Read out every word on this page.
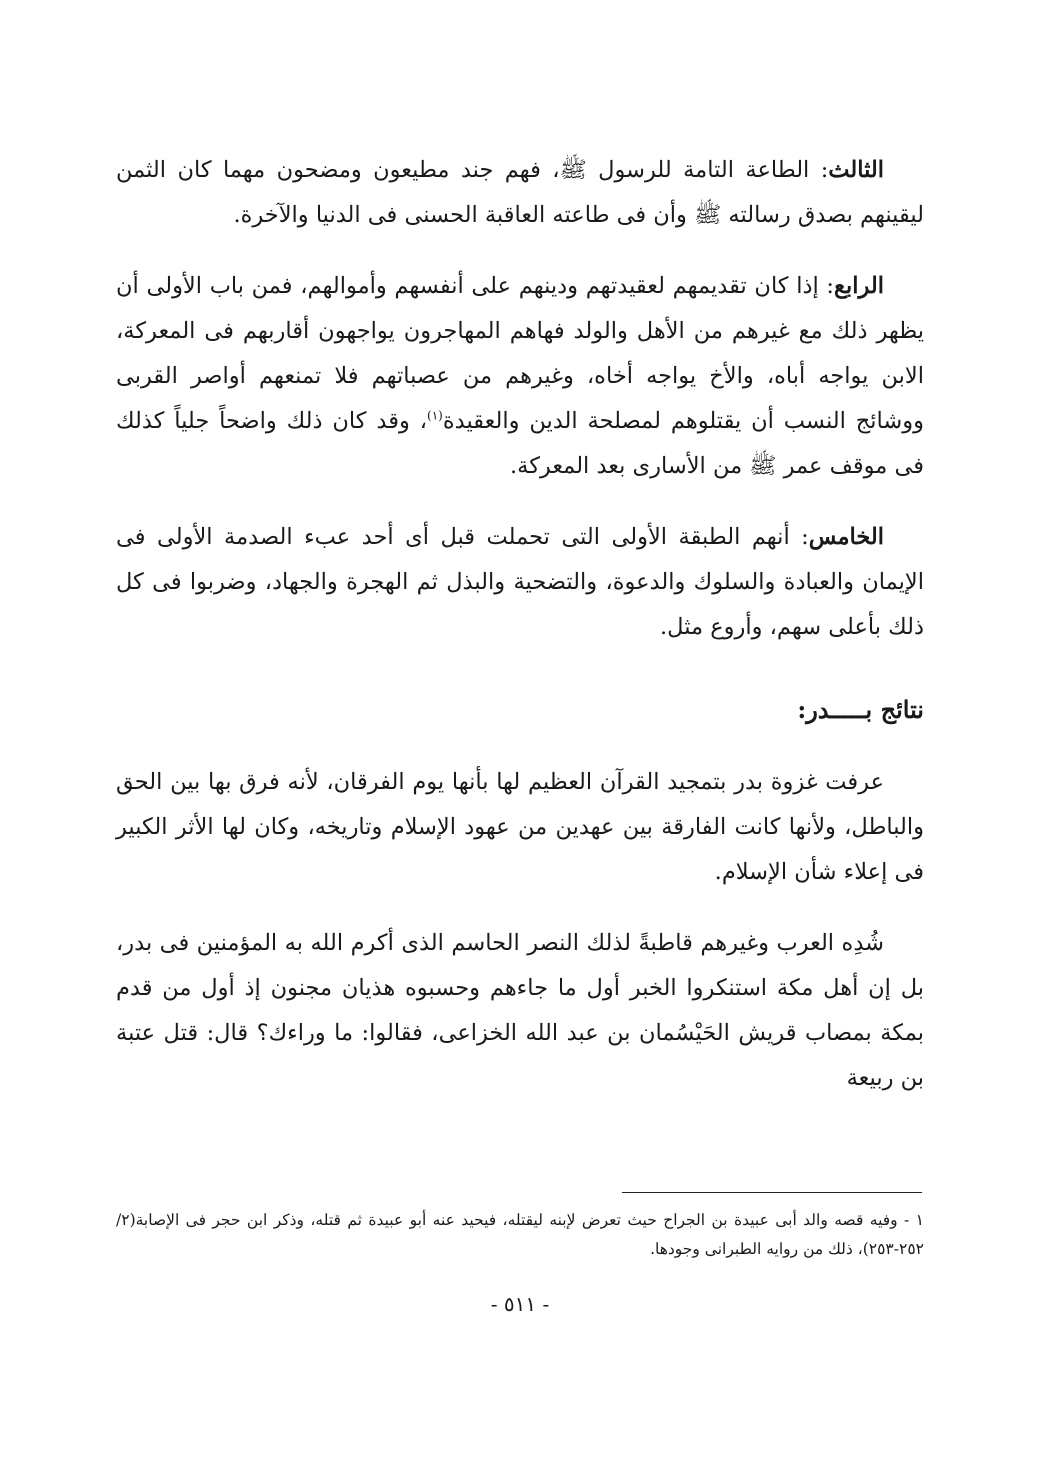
الثالث: الطاعة التامة للرسول ﷺ، فهم جند مطيعون ومضحون مهما كان الثمن ليقينهم بصدق رسالته ﷺ وأن فى طاعته العاقبة الحسنى فى الدنيا والآخرة.

الرابع: إذا كان تقديمهم لعقيدتهم ودينهم على أنفسهم وأموالهم، فمن باب الأولى أن يظهر ذلك مع غيرهم من الأهل والولد فهاهم المهاجرون يواجهون أقاربهم فى المعركة، الابن يواجه أباه، والأخ يواجه أخاه، وغيرهم من عصباتهم فلا تمنعهم أواصر القربى ووشائج النسب أن يقتلوهم لمصلحة الدين والعقيدة$^{(١)}$، وقد كان ذلك واضحاً جلياً كذلك فى موقف عمر ﷺ من الأسارى بعد المعركة.

الخامس: أنهم الطبقة الأولى التى تحملت قبل أى أحد عبء الصدمة الأولى فى الإيمان والعبادة والسلوك والدعوة، والتضحية والبذل ثم الهجرة والجهاد، وضربوا فى كل ذلك بأعلى سهم، وأروع مثل.

نتائج بـــــدر:

عرفت غزوة بدر بتمجيد القرآن العظيم لها بأنها يوم الفرقان، لأنه فرق بها بين الحق والباطل، ولأنها كانت الفارقة بين عهدين من عهود الإسلام وتاريخه، وكان لها الأثر الكبير فى إعلاء شأن الإسلام.

شُدِه العرب وغيرهم قاطبةً لذلك النصر الحاسم الذى أكرم الله به المؤمنين فى بدر، بل إن أهل مكة استنكروا الخبر أول ما جاءهم وحسبوه هذيان مجنون إذ أول من قدم بمكة بمصاب قريش الحَيْسُمان بن عبد الله الخزاعى، فقالوا: ما وراءك؟ قال: قتل عتبة بن ربيعة

١ - وفيه قصه والد أبى عبيدة بن الجراح حيث تعرض لإبنه ليقتله، فيحيد عنه أبو عبيدة ثم قتله، وذكر ابن حجر فى الإصابة(٢/ ٢٥٢-٢٥٣)، ذلك من روايه الطبرانى وجودها.
- ٥١١ -
